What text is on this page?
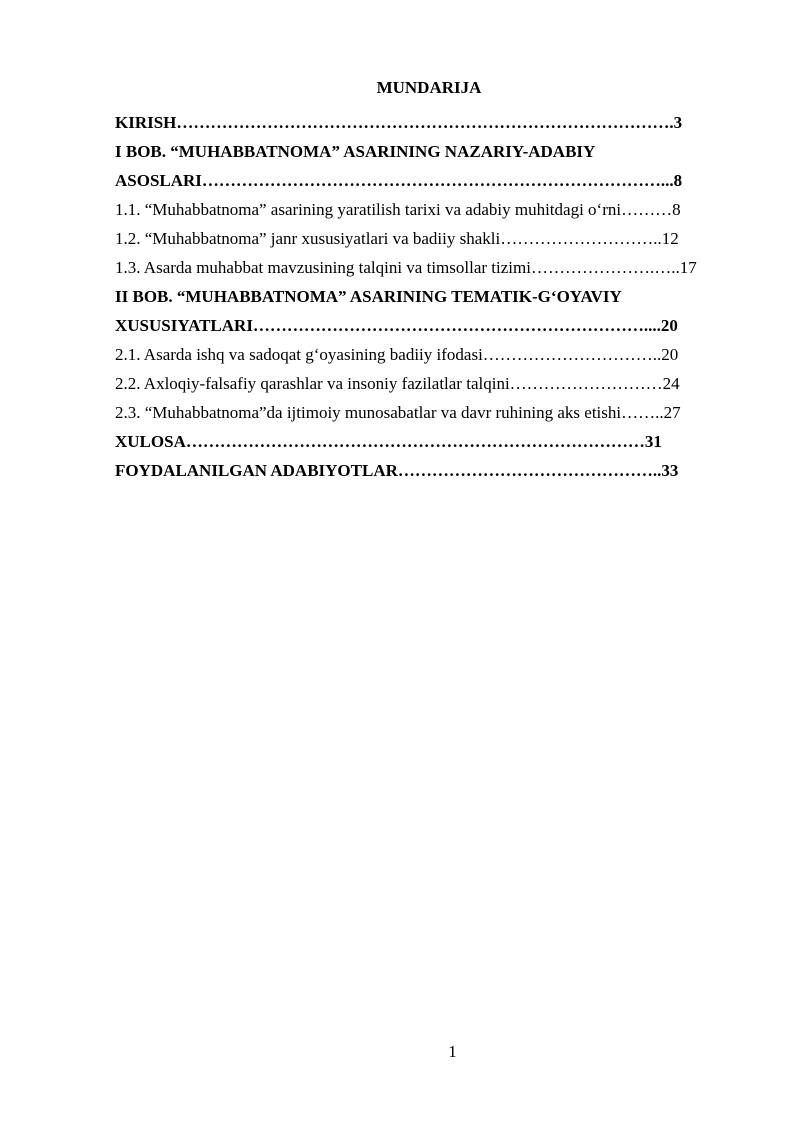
MUNDARIJA
KIRISH…………………………………………………………………………….3
I BOB. “MUHABBATNOMA” ASARINING NAZARIY-ADABIY
ASOSLARI………………………………………………………………………...8
1.1. “Muhabbatnoma” asarining yaratilish tarixi va adabiy muhitdagi o‘rni………8
1.2. “Muhabbatnoma” janr xususiyatlari va badiiy shakli………………………..12
1.3. Asarda muhabbat mavzusining talqini va timsollar tizimi………………….…..17
II BOB. “MUHABBATNOMA” ASARINING TEMATIK-G‘OYAVIY
XUSUSIYATLARI……………………………………………………………....20
2.1. Asarda ishq va sadoqat g‘oyasining badiiy ifodasi…………………………..20
2.2. Axloqiy-falsafiy qarashlar va insoniy fazilatlar talqini………………………24
2.3. “Muhabbatnoma”da ijtimoiy munosabatlar va davr ruhining aks etishi……..27
XULOSA………………………………………………………………………31
FOYDALANILGAN ADABIYOTLAR………………………………………..33
1
